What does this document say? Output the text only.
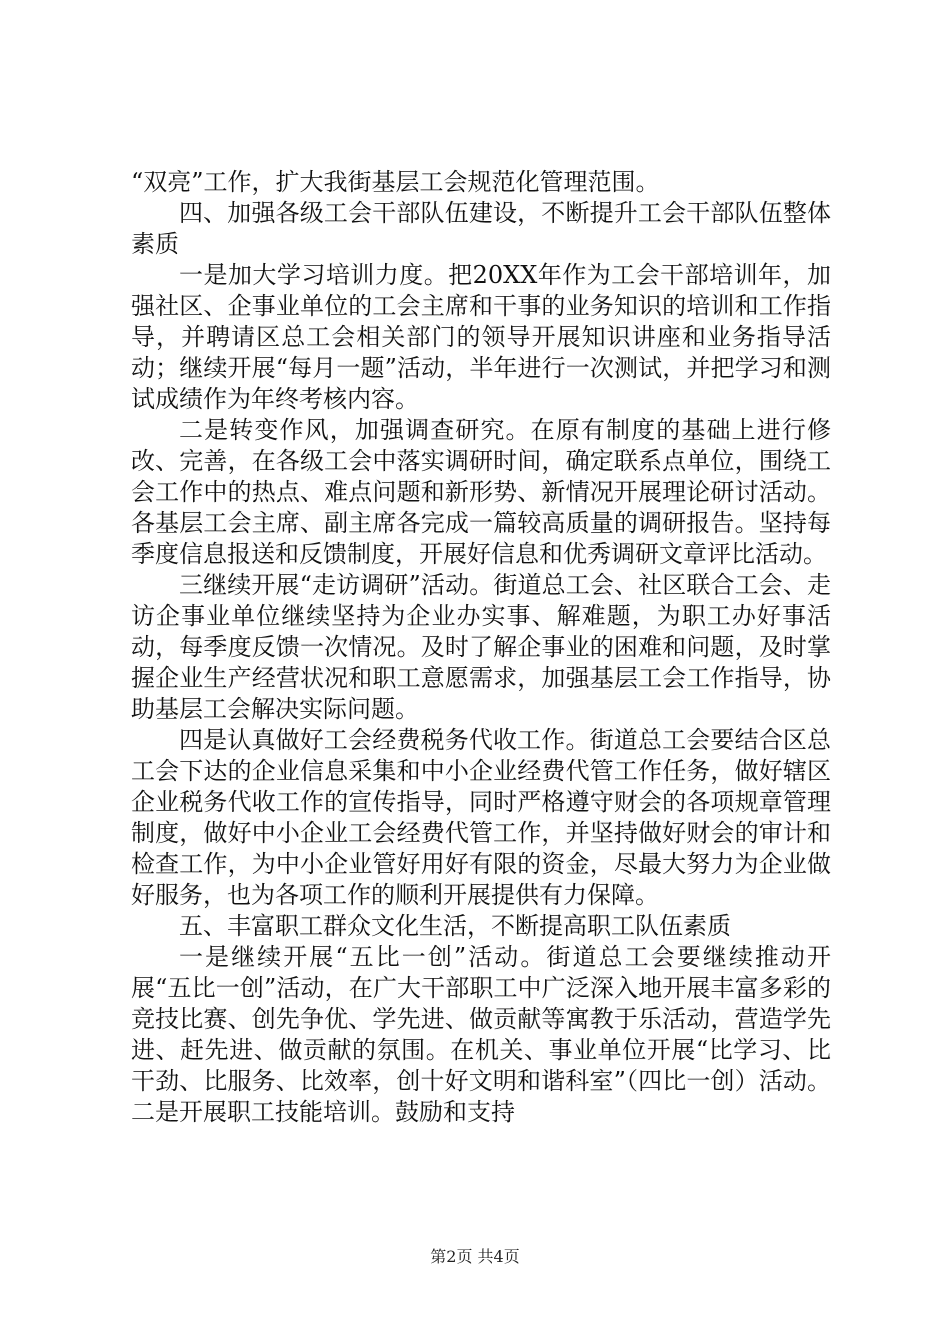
“双亮”工作，扩大我街基层工会规范化管理范围。

四、加强各级工会干部队伍建设，不断提升工会干部队伍整体素质

一是加大学习培训力度。把20XX年作为工会干部培训年，加强社区、企事业单位的工会主席和干事的业务知识的培训和工作指导，并聘请区总工会相关部门的领导开展知识讲座和业务指导活动；继续开展“每月一题”活动，半年进行一次测试，并把学习和测试成绩作为年终考核内容。

二是转变作风，加强调查研究。在原有制度的基础上进行修改、完善，在各级工会中落实调研时间，确定联系点单位，围绕工会工作中的热点、难点问题和新形势、新情况开展理论研讨活动。各基层工会主席、副主席各完成一篇较高质量的调研报告。坚持每季度信息报送和反馈制度，开展好信息和优秀调研文章评比活动。

三继续开展“走访调研”活动。街道总工会、社区联合工会、走访企事业单位继续坚持为企业办实事、解难题，为职工办好事活动，每季度反馈一次情况。及时了解企事业的困难和问题，及时掌握企业生产经营状况和职工意愿需求，加强基层工会工作指导，协助基层工会解决实际问题。

四是认真做好工会经费税务代收工作。街道总工会要结合区总工会下达的企业信息采集和中小企业经费代管工作任务，做好辖区企业税务代收工作的宣传指导，同时严格遵守财会的各项规章管理制度，做好中小企业工会经费代管工作，并坚持做好财会的审计和检查工作，为中小企业管好用好有限的资金，尽最大努力为企业做好服务，也为各项工作的顺利开展提供有力保障。

五、丰富职工群众文化生活，不断提高职工队伍素质

一是继续开展“五比一创”活动。街道总工会要继续推动开展“五比一创”活动，在广大干部职工中广泛深入地开展丰富多彩的竞技比赛、创先争优、学先进、做贡献等寓教于乐活动，营造学先进、赶先进、做贡献的氛围。在机关、事业单位开展“比学习、比干劲、比服务、比效率，创十好文明和谐科室”（四比一创）活动。二是开展职工技能培训。鼓励和支持

第2页 共4页
